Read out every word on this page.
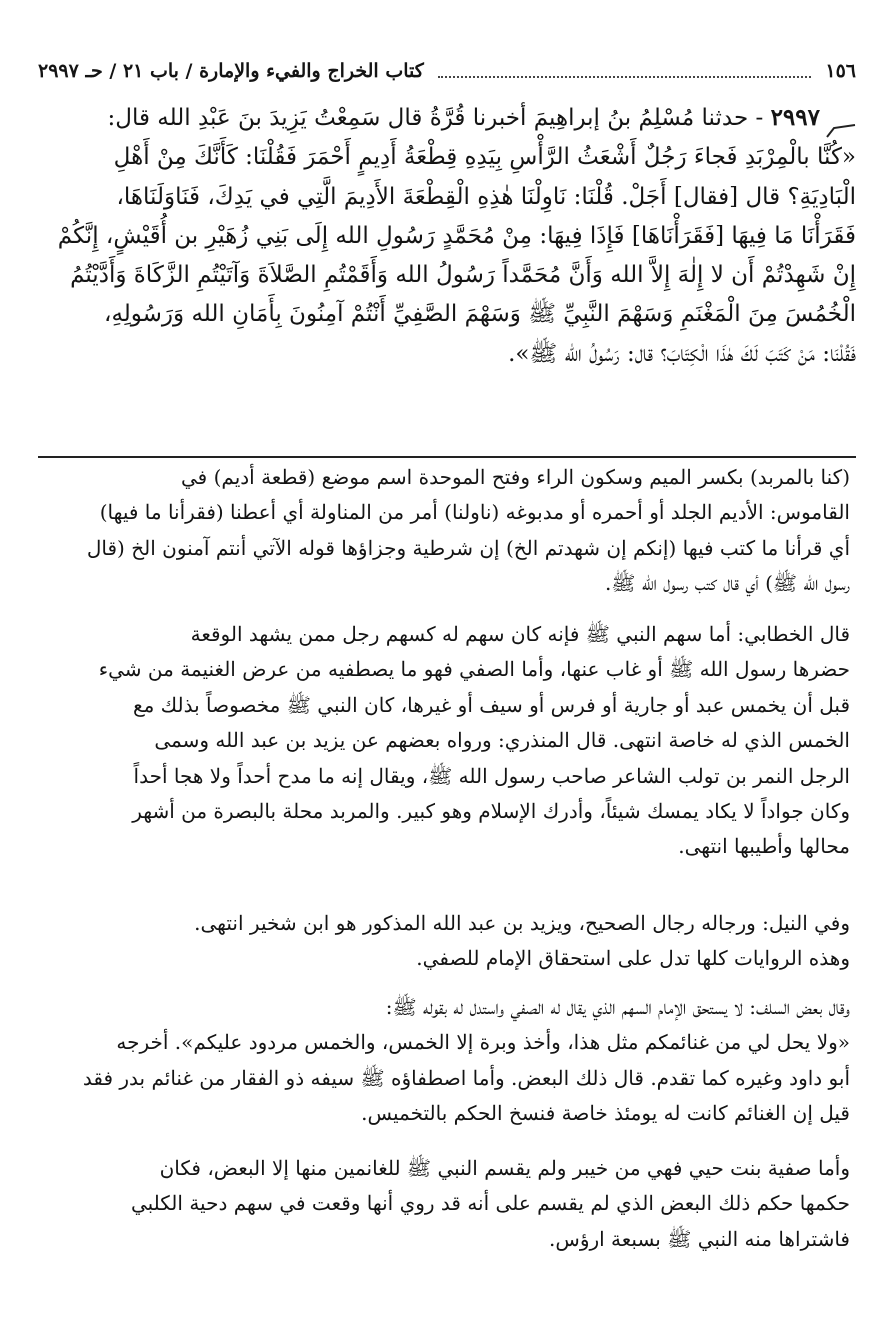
١٥٦
كتاب الخراج والفيء والإمارة / باب ٢١ / حـ ٢٩٩٧
٢٩٩٧ - حدثنا مُسْلِمُ بنُ إبراهِيمَ أخبرنا قُرَّةُ قال سَمِعْتُ يَزِيدَ بنَ عَبْدِ الله قال:
«كُنَّا بالْمِرْبَدِ فَجاءَ رَجُلٌ أَشْعَثُ الرَّأْسِ بِيَدِهِ قِطْعَةُ أَدِيمٍ أَحْمَرَ فَقُلْنَا: كَأَنَّكَ مِنْ أَهْلِ
الْبَادِيَةِ؟ قال [فقال] أَجَلْ. قُلْنَا: نَاوِلْنَا هٰذِهِ الْقِطْعَةَ الأَدِيمَ الَّتِي في يَدِكَ، فَنَاوَلَنَاهَا،
فَقَرَأْنَا مَا فِيهَا [فَقَرَأْنَاهَا] فَإِذَا فِيهَا: مِنْ مُحَمَّدٍ رَسُولِ الله إِلَى بَنِي زُهَيْرِ بن أُقَيْشٍ، إِنَّكُمْ
إِنْ شَهِدْتُمْ أَن لا إِلٰهَ إِلاَّ الله وَأَنَّ مُحَمَّداً رَسُولُ الله وَأَقَمْتُمِ الصَّلاَةَ وَآتَيْتُمِ الزَّكَاةَ وَأَدَّيْتُمُ
الْخُمُسَ مِنَ الْمَغْنَمِ وَسَهْمَ النَّبِيِّ ﷺ وَسَهْمَ الصَّفِيِّ أَنْتُمْ آمِنُونَ بِأَمَانِ الله وَرَسُولِهِ،
فَقُلْنَا: مَنْ كَتَبَ لَكَ هٰذَا الْكِتَابَ؟ قال: رَسُولُ الله ﷺ».

(كنا بالمربد) بكسر الميم وسكون الراء وفتح الموحدة اسم موضع (قطعة أديم) في
القاموس: الأديم الجلد أو أحمره أو مدبوغه (ناولنا) أمر من المناولة أي أعطنا (فقرأنا ما فيها)
أي قرأنا ما كتب فيها (إنكم إن شهدتم الخ) إن شرطية وجزاؤها قوله الآتي أنتم آمنون الخ (قال
رسول الله ﷺ) أي قال كتب رسول الله ﷺ.

قال الخطابي: أما سهم النبي ﷺ فإنه كان سهم له كسهم رجل ممن يشهد الوقعة
حضرها رسول الله ﷺ أو غاب عنها، وأما الصفي فهو ما يصطفيه من عرض الغنيمة من شيء
قبل أن يخمس عبد أو جارية أو فرس أو سيف أو غيرها، كان النبي ﷺ مخصوصاً بذلك مع
الخمس الذي له خاصة انتهى. قال المنذري: ورواه بعضهم عن يزيد بن عبد الله وسمى
الرجل النمر بن تولب الشاعر صاحب رسول الله ﷺ، ويقال إنه ما مدح أحداً ولا هجا أحداً
وكان جواداً لا يكاد يمسك شيئاً، وأدرك الإسلام وهو كبير. والمربد محلة بالبصرة من أشهر
محالها وأطيبها انتهى.

وفي النيل: ورجاله رجال الصحيح، ويزيد بن عبد الله المذكور هو ابن شخير انتهى.
وهذه الروايات كلها تدل على استحقاق الإمام للصفي.

وقال بعض السلف: لا يستحق الإمام السهم الذي يقال له الصفي واستدل له بقوله ﷺ:
«ولا يحل لي من غنائمكم مثل هذا، وأخذ وبرة إلا الخمس، والخمس مردود عليكم». أخرجه
أبو داود وغيره كما تقدم. قال ذلك البعض. وأما اصطفاؤه ﷺ سيفه ذو الفقار من غنائم بدر فقد
قيل إن الغنائم كانت له يومئذ خاصة فنسخ الحكم بالتخميس.

وأما صفية بنت حيي فهي من خيبر ولم يقسم النبي ﷺ للغانمين منها إلا البعض، فكان
حكمها حكم ذلك البعض الذي لم يقسم على أنه قد روي أنها وقعت في سهم دحية الكلبي
فاشتراها منه النبي ﷺ بسبعة ارؤس.
